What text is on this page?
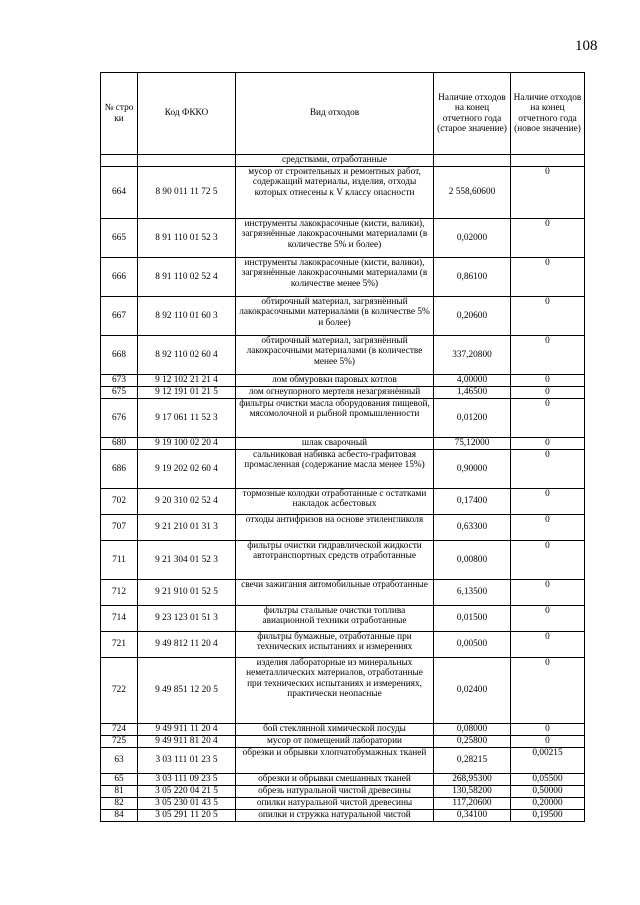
108
№ стро ки	Код ФККО	Вид отходов	Наличие отходов на конец отчетного года (старое значение)	Наличие отходов на конец отчетного года (новое значение)
		средствами, отработанные		
664	8 90 011 11 72 5	мусор от строительных и ремонтных работ, содержащий материалы, изделия, отходы которых отнесены к V классу опасности	2 558,60600	0
665	8 91 110 01 52 3	инструменты лакокрасочные (кисти, валики), загрязнённые лакокрасочными материалами (в количестве 5% и более)	0,02000	0
666	8 91 110 02 52 4	инструменты лакокрасочные (кисти, валики), загрязнённые лакокрасочными материалами (в количестве менее 5%)	0,86100	0
667	8 92 110 01 60 3	обтирочный материал, загрязнённый лакокрасочными материалами (в количестве 5% и более)	0,20600	0
668	8 92 110 02 60 4	обтирочный материал, загрязнённый лакокрасочными материалами (в количестве менее 5%)	337,20800	0
673	9 12 102 21 21 4	лом обмуровки паровых котлов	4,00000	0
675	9 12 191 01 21 5	лом огнеупорного мертеля незагрязнённый	1,46500	0
676	9 17 061 11 52 3	фильтры очистки масла оборудования пищевой, мясомолочной и рыбной промышленности	0,01200	0
680	9 19 100 02 20 4	шлак сварочный	75,12000	0
686	9 19 202 02 60 4	сальниковая набивка асбесто-графитовая промасленная (содержание масла менее 15%)	0,90000	0
702	9 20 310 02 52 4	тормозные колодки отработанные с остатками накладок асбестовых	0,17400	0
707	9 21 210 01 31 3	отходы антифризов на основе этиленгликоля	0,63300	0
711	9 21 304 01 52 3	фильтры очистки гидравлической жидкости автотранспортных средств отработанные	0,00800	0
712	9 21 910 01 52 5	свечи зажигания автомобильные отработанные	6,13500	0
714	9 23 123 01 51 3	фильтры стальные очистки топлива авиационной техники отработанные	0,01500	0
721	9 49 812 11 20 4	фильтры бумажные, отработанные при технических испытаниях и измерениях	0,00500	0
722	9 49 851 12 20 5	изделия лабораторные из минеральных неметаллических материалов, отработанные при технических испытаниях и измерениях, практически неопасные	0,02400	0
724	9 49 911 11 20 4	бой стеклянной химической посуды	0,08000	0
725	9 49 911 81 20 4	мусор от помещений лаборатории	0,25800	0
63	3 03 111 01 23 5	обрезки и обрывки хлопчатобумажных тканей	0,28215	0,00215
65	3 03 111 09 23 5	обрезки и обрывки смешанных тканей	268,95300	0,05500
81	3 05 220 04 21 5	обрезь натуральной чистой древесины	130,58200	0,50000
82	3 05 230 01 43 5	опилки натуральной чистой древесины	117,20600	0,20000
84	3 05 291 11 20 5	опилки и стружка натуральной чистой	0,34100	0,19500
